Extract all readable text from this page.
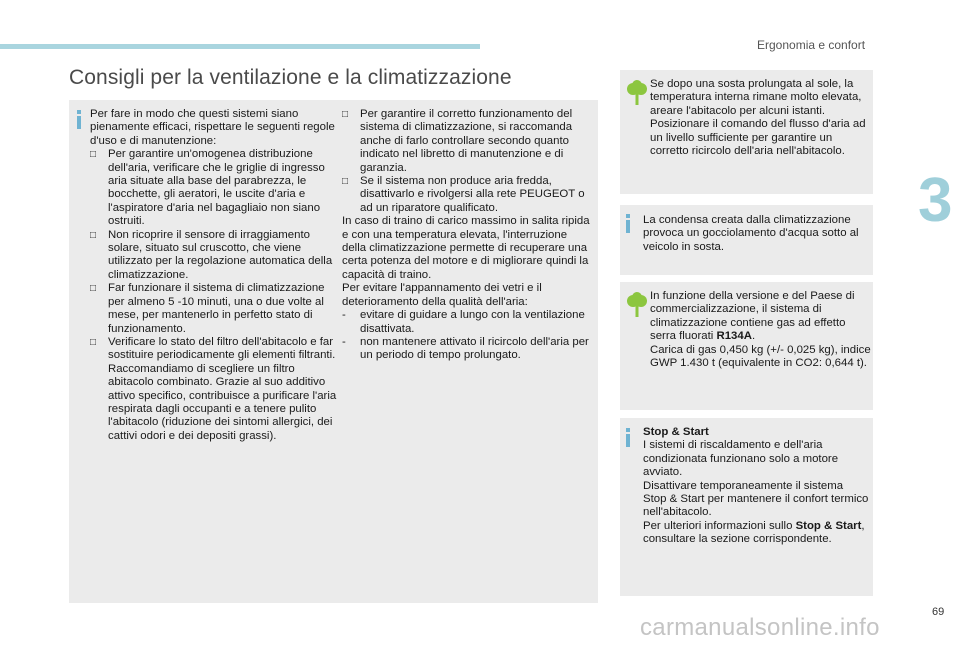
Ergonomia e confort
Consigli per la ventilazione e la climatizzazione
3

Per fare in modo che questi sistemi siano pienamente efficaci, rispettare le seguenti regole d'uso e di manutenzione:

□ Per garantire un'omogenea distribuzione dell'aria, verificare che le griglie di ingresso aria situate alla base del parabrezza, le bocchette, gli aeratori, le uscite d'aria e l'aspiratore d'aria nel bagagliaio non siano ostruiti.

□ Non ricoprire il sensore di irraggiamento solare, situato sul cruscotto, che viene utilizzato per la regolazione automatica della climatizzazione.

□ Far funzionare il sistema di climatizzazione per almeno 5 -10 minuti, una o due volte al mese, per mantenerlo in perfetto stato di funzionamento.

□ Verificare lo stato del filtro dell'abitacolo e far sostituire periodicamente gli elementi filtranti. Raccomandiamo di scegliere un filtro abitacolo combinato. Grazie al suo additivo attivo specifico, contribuisce a purificare l'aria respirata dagli occupanti e a tenere pulito l'abitacolo (riduzione dei sintomi allergici, dei cattivi odori e dei depositi grassi).

□ Per garantire il corretto funzionamento del sistema di climatizzazione, si raccomanda anche di farlo controllare secondo quanto indicato nel libretto di manutenzione e di garanzia.

□ Se il sistema non produce aria fredda, disattivarlo e rivolgersi alla rete PEUGEOT o ad un riparatore qualificato.

In caso di traino di carico massimo in salita ripida e con una temperatura elevata, l'interruzione della climatizzazione permette di recuperare una certa potenza del motore e di migliorare quindi la capacità di traino.

Per evitare l'appannamento dei vetri e il deterioramento della qualità dell'aria:

- evitare di guidare a lungo con la ventilazione disattivata.

- non mantenere attivato il ricircolo dell'aria per un periodo di tempo prolungato.

Se dopo una sosta prolungata al sole, la temperatura interna rimane molto elevata, areare l'abitacolo per alcuni istanti.

Posizionare il comando del flusso d'aria ad un livello sufficiente per garantire un corretto ricircolo dell'aria nell'abitacolo.

La condensa creata dalla climatizzazione provoca un gocciolamento d'acqua sotto al veicolo in sosta.

In funzione della versione e del Paese di commercializzazione, il sistema di climatizzazione contiene gas ad effetto serra fluorati R134A.

Carica di gas 0,450 kg (+/- 0,025 kg), indice GWP 1.430 t (equivalente in CO2: 0,644 t).

Stop & Start

I sistemi di riscaldamento e dell'aria condizionata funzionano solo a motore avviato.

Disattivare temporaneamente il sistema Stop & Start per mantenere il confort termico nell'abitacolo.

Per ulteriori informazioni sullo Stop & Start, consultare la sezione corrispondente.

69
carmanualsonline.info
